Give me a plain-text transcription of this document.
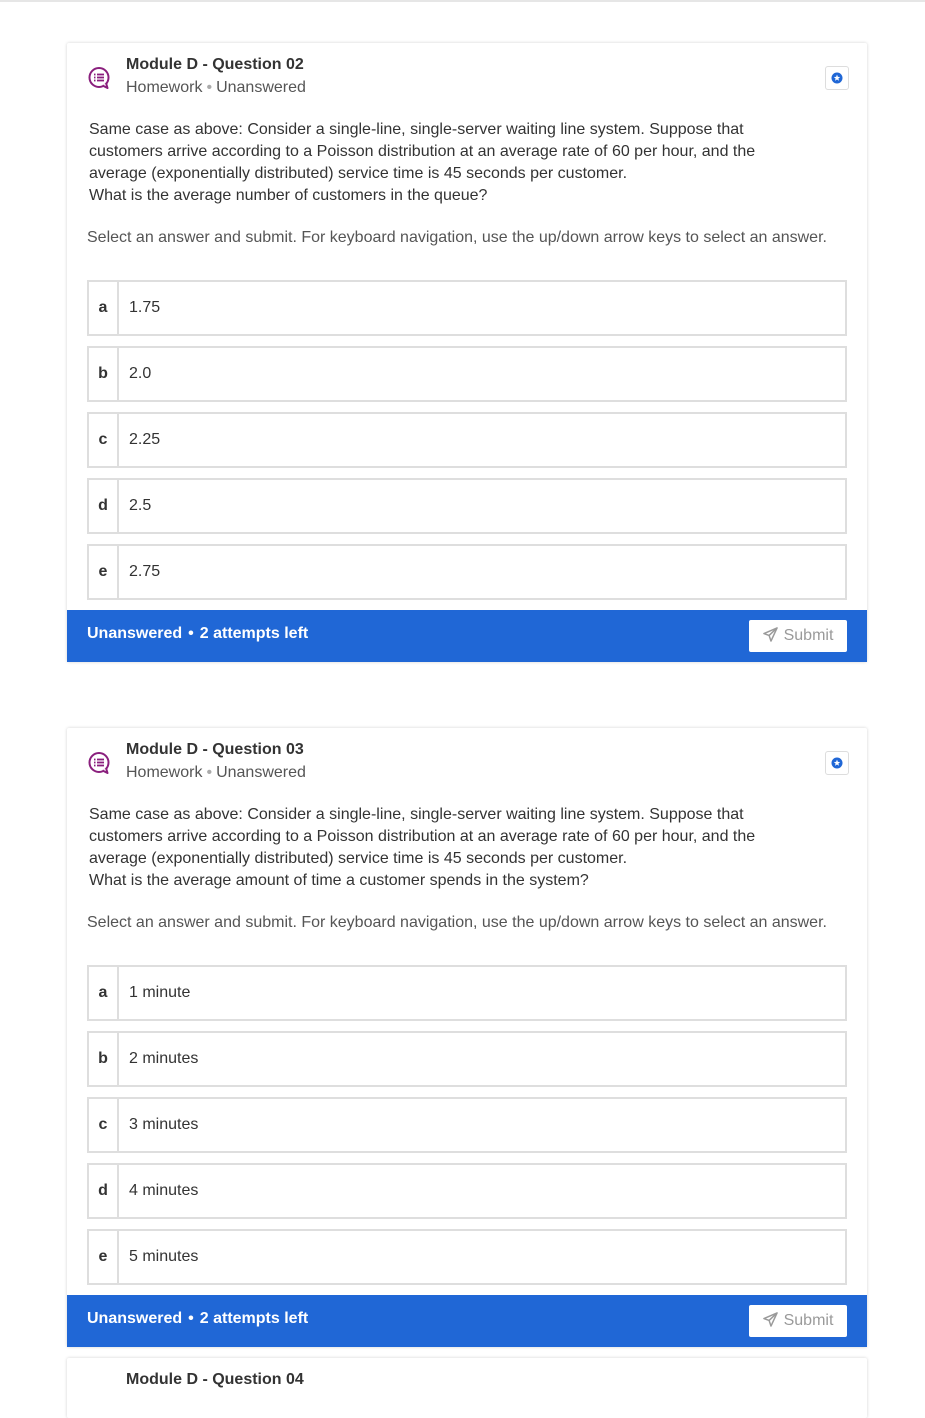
Module D - Question 02
Homework • Unanswered

Same case as above: Consider a single-line, single-server waiting line system. Suppose that customers arrive according to a Poisson distribution at an average rate of 60 per hour, and the average (exponentially distributed) service time is 45 seconds per customer.

What is the average number of customers in the queue?

Select an answer and submit. For keyboard navigation, use the up/down arrow keys to select an answer.
a	1.75
b	2.0
c	2.25
d	2.5
e	2.75
Unanswered • 2 attempts left	Submit
Module D - Question 03
Homework • Unanswered

Same case as above: Consider a single-line, single-server waiting line system. Suppose that customers arrive according to a Poisson distribution at an average rate of 60 per hour, and the average (exponentially distributed) service time is 45 seconds per customer.

What is the average amount of time a customer spends in the system?

Select an answer and submit. For keyboard navigation, use the up/down arrow keys to select an answer.
a	1 minute
b	2 minutes
c	3 minutes
d	4 minutes
e	5 minutes
Unanswered • 2 attempts left	Submit
Module D - Question 04
